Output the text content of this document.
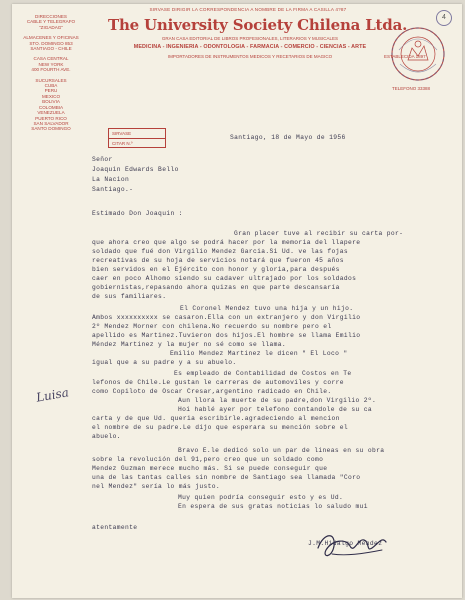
4
SIRVASE DIRIGIR LA CORRESPONDENCIA A NOMBRE DE LA FIRMA A CASILLA 4?87
DIRECCIONES
CABLE Y TELEGRAFO
"ZIGADAG"
ALMACENES Y OFICINAS
STO. DOMINGO 853
SANTIAGO - CHILE
CASA CENTRAL
NEW YORK
400 FOURTH AVE.
SUCURSALES
CUBA
PERU
MEXICO
BOLIVIA
COLOMBIA
VENEZUELA
PUERTO RICO
SAN SALVADOR
SANTO DOMINGO
The University Society Chilena Ltda.
GRAN CASA EDITORIAL DE LIBROS PROFESIONALES, LITERARIOS Y MUSICALES
MEDICINA - INGENIERIA - ODONTOLOGIA - FARMACIA - COMERCIO - CIENCIAS - ARTE
IMPORTADORES DE INSTRUMENTOS MEDICOS Y RECETARIOS DE MAGICO	ESTABLECIDA 1897
TELEFONO 33388
SIRVASE
CITAR N.º
Santiago, 18 de Mayo de 1956
Señor
Joaquin Edwards Bello
La Nacion
Santiago.-
Estimado Don Joaquin :
Gran placer tuve al recibir su carta por-
que ahora creo que algo se podrá hacer por la memoria del llapere
soldado que fué don Virgilio Mendez Garcia.Si Ud. ve las fojas
recreativas de su hoja de servicios notará que fueron 45 años
bien servidos en el Ejército con honor y gloria,para después
caer en poco Alhomo siendo su cadaver ultrajado por los soldados
gobiernistas,repasando ahora quizas en que parte descansaría
de sus familiares.
El Coronel Mendez tuvo una hija y un hijo.
Ambos xxxxxxxxxx se casaron.Ella con un extranjero y don Virgilio
2º Mendez Morner con chilena.No recuerdo su nombre pero el
apellido es Martinez.Tuvieron dos hijos.El hombre se llama Emilio
Méndez Martinez y la mujer no sé como se llama.
Emilio Mendez Martinez le dicen " El Loco "
igual que a su padre y a su abuelo.
Es empleado de Contabilidad de Costos en Te
lefonos de Chile.Le gustan le carreras de automoviles y corre
como Copiloto de Oscar Cresar,argentino radicado en Chile.
Aun llora la muerte de su padre,don Virgilio 2º.
Hoi hablé ayer por telefono contandole de su ca
carta y de que Ud. queria escribirle.agradeciendo al mencion
el nombre de su padre.Le dijo que esperara su mención sobre el
abuelo.
Bravo E.le dedicó solo un par de lineas en su obra
sobre la revolución del 91,pero creo que un soldado como
Mendez Guzman merece mucho más. Si se puede conseguir que
una de las tantas calles sin nombre de Santiago sea llamada "Coro
nel Mendez" sería lo más justo.
Muy quien podría conseguir esto y es Ud.
En espera de sus gratas noticias lo saludo mui
atentamente
J.M.Hidalgo Mendez
Luisa
